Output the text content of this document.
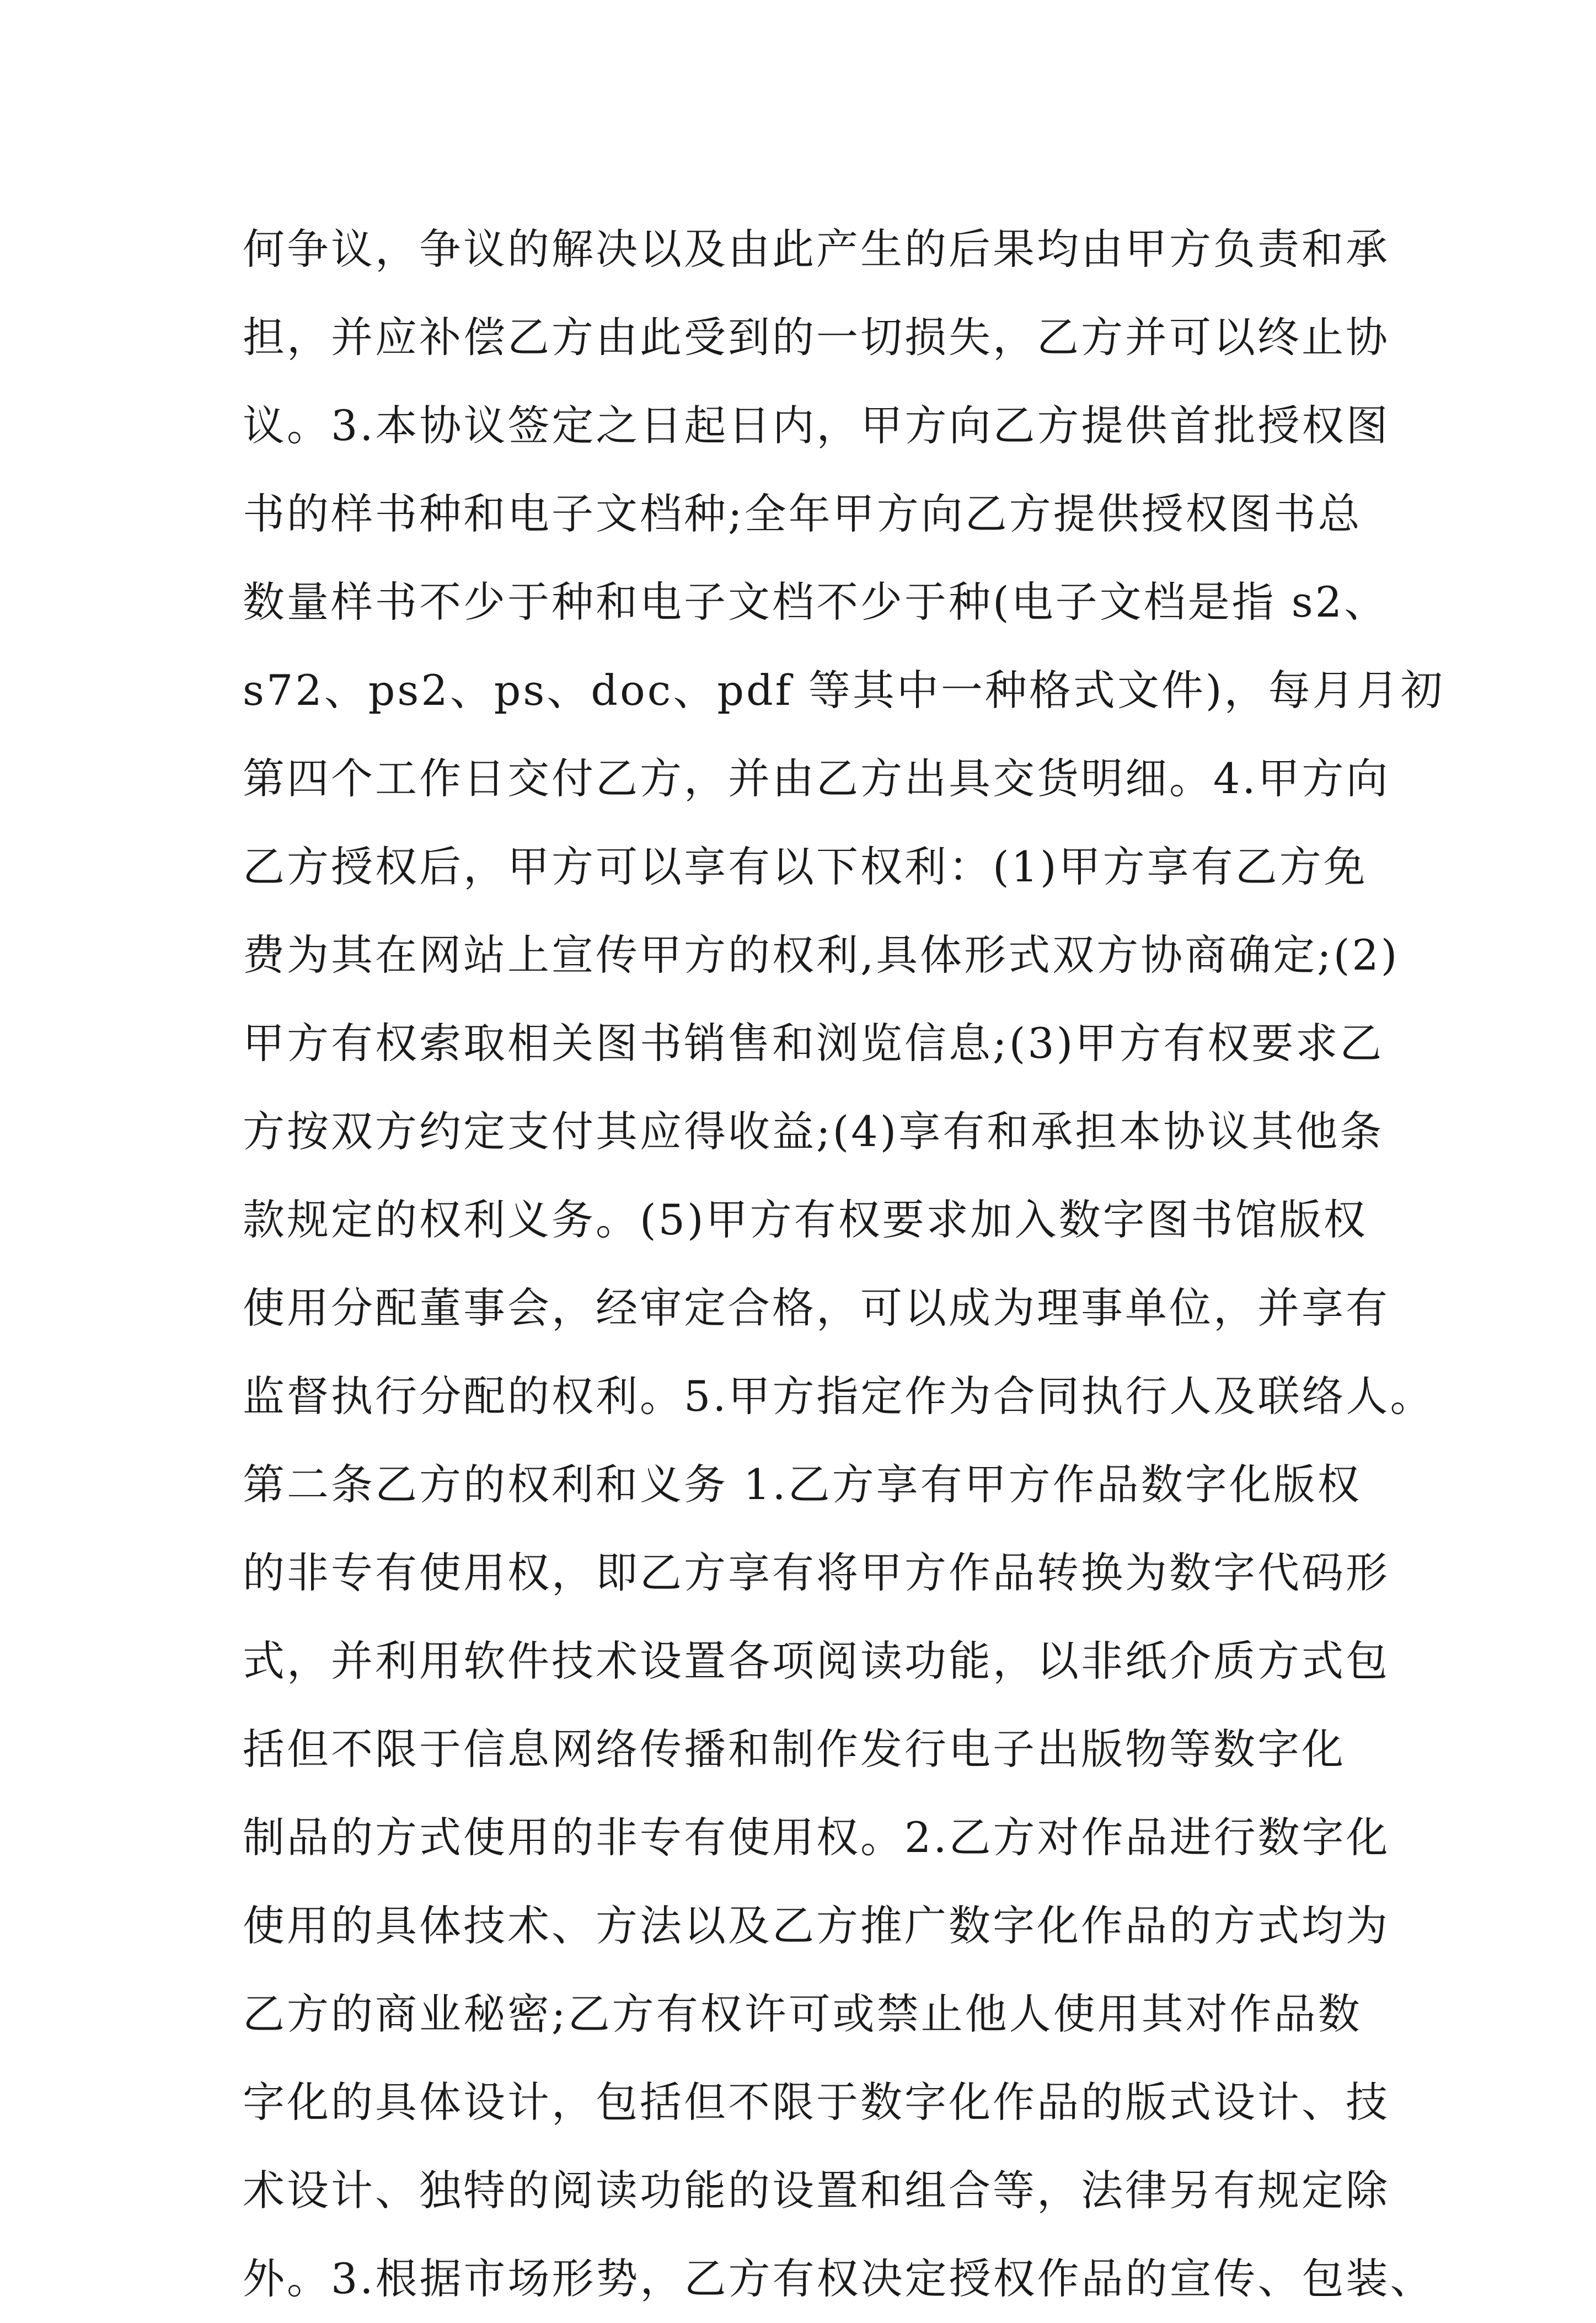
何争议，争议的解决以及由此产生的后果均由甲方负责和承
担，并应补偿乙方由此受到的一切损失，乙方并可以终止协
议。3.本协议签定之日起日内，甲方向乙方提供首批授权图
书的样书种和电子文档种;全年甲方向乙方提供授权图书总
数量样书不少于种和电子文档不少于种(电子文档是指 s2、
s72、ps2、ps、doc、pdf 等其中一种格式文件)，每月月初
第四个工作日交付乙方，并由乙方出具交货明细。4.甲方向
乙方授权后，甲方可以享有以下权利：(1)甲方享有乙方免
费为其在网站上宣传甲方的权利,具体形式双方协商确定;(2)
甲方有权索取相关图书销售和浏览信息;(3)甲方有权要求乙
方按双方约定支付其应得收益;(4)享有和承担本协议其他条
款规定的权利义务。(5)甲方有权要求加入数字图书馆版权
使用分配董事会，经审定合格，可以成为理事单位，并享有
监督执行分配的权利。5.甲方指定作为合同执行人及联络人。
第二条乙方的权利和义务 1.乙方享有甲方作品数字化版权
的非专有使用权，即乙方享有将甲方作品转换为数字代码形
式，并利用软件技术设置各项阅读功能，以非纸介质方式包
括但不限于信息网络传播和制作发行电子出版物等数字化
制品的方式使用的非专有使用权。2.乙方对作品进行数字化
使用的具体技术、方法以及乙方推广数字化作品的方式均为
乙方的商业秘密;乙方有权许可或禁止他人使用其对作品数
字化的具体设计，包括但不限于数字化作品的版式设计、技
术设计、独特的阅读功能的设置和组合等，法律另有规定除
外。3.根据市场形势，乙方有权决定授权作品的宣传、包装、
